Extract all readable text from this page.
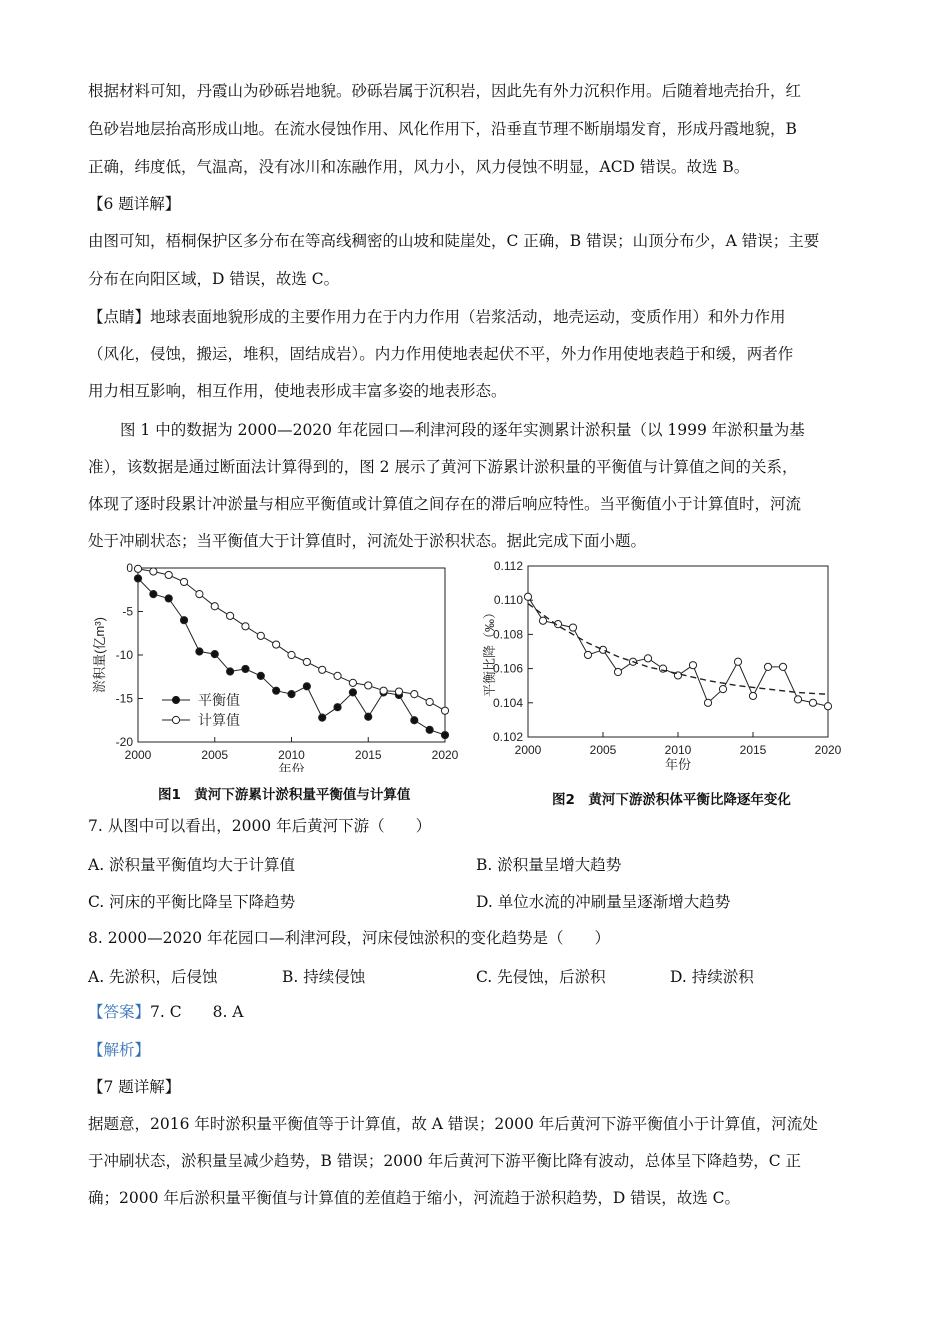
根据材料可知，丹霞山为砂砾岩地貌。砂砾岩属于沉积岩，因此先有外力沉积作用。后随着地壳抬升，红
色砂岩地层抬高形成山地。在流水侵蚀作用、风化作用下，沿垂直节理不断崩塌发育，形成丹霞地貌，B
正确，纬度低，气温高，没有冰川和冻融作用，风力小，风力侵蚀不明显，ACD 错误。故选 B。
【6 题详解】
由图可知，梧桐保护区多分布在等高线稠密的山坡和陡崖处，C 正确，B 错误；山顶分布少，A 错误；主要
分布在向阳区域，D 错误，故选 C。
【点睛】地球表面地貌形成的主要作用力在于内力作用（岩浆活动，地壳运动，变质作用）和外力作用
（风化，侵蚀，搬运，堆积，固结成岩）。内力作用使地表起伏不平，外力作用使地表趋于和缓，两者作
用力相互影响，相互作用，使地表形成丰富多姿的地表形态。
图 1 中的数据为 2000—2020 年花园口—利津河段的逐年实测累计淤积量（以 1999 年淤积量为基
准），该数据是通过断面法计算得到的，图 2 展示了黄河下游累计淤积量的平衡值与计算值之间的关系，
体现了逐时段累计冲淤量与相应平衡值或计算值之间存在的滞后响应特性。当平衡值小于计算值时，河流
处于冲刷状态；当平衡值大于计算值时，河流处于淤积状态。据此完成下面小题。
2000	2005	2010	2015	2020
0
-5
-10
-15
-20
年份
淤积量(亿m³)
平衡值
计算值
图1　黄河下游累计淤积量平衡值与计算值
2000	2005	2010	2015	2020
0.112
0.110
0.108
0.106
0.104
0.102
年份
平衡比降（‰）
图2　黄河下游淤积体平衡比降逐年变化
7. 从图中可以看出，2000 年后黄河下游（　　）
A. 淤积量平衡值均大于计算值	B. 淤积量呈增大趋势
C. 河床的平衡比降呈下降趋势	D. 单位水流的冲刷量呈逐渐增大趋势
8. 2000—2020 年花园口—利津河段，河床侵蚀淤积的变化趋势是（　　）
A. 先淤积，后侵蚀	B. 持续侵蚀	C. 先侵蚀，后淤积	D. 持续淤积
【答案】7. C　　8. A
【解析】
【7 题详解】
据题意，2016 年时淤积量平衡值等于计算值，故 A 错误；2000 年后黄河下游平衡值小于计算值，河流处
于冲刷状态，淤积量呈减少趋势，B 错误；2000 年后黄河下游平衡比降有波动，总体呈下降趋势，C 正
确；2000 年后淤积量平衡值与计算值的差值趋于缩小，河流趋于淤积趋势，D 错误，故选 C。
